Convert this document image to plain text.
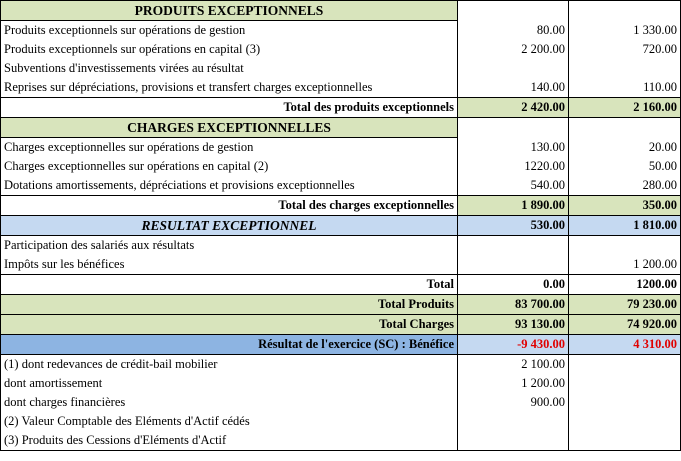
PRODUITS EXCEPTIONNELS		
Produits exceptionnels sur opérations de gestion	80.00	1 330.00
Produits exceptionnels sur opérations en capital (3)	2 200.00	720.00
Subventions d'investissements virées au résultat		
Reprises sur dépréciations, provisions et transfert charges exceptionnelles	140.00	110.00
Total des produits exceptionnels	2 420.00	2 160.00
CHARGES EXCEPTIONNELLES		
Charges exceptionnelles sur opérations de gestion	130.00	20.00
Charges exceptionnelles sur opérations en capital (2)	1220.00	50.00
Dotations amortissements, dépréciations et provisions exceptionnelles	540.00	280.00
Total des charges exceptionnelles	1 890.00	350.00
RESULTAT EXCEPTIONNEL	530.00	1 810.00
Participation des salariés aux résultats		
Impôts sur les bénéfices		1 200.00
Total	0.00	1200.00
Total Produits	83 700.00	79 230.00
Total Charges	93 130.00	74 920.00
Résultat de l'exercice (SC) : Bénéfice	-9 430.00	4 310.00
(1) dont redevances de crédit-bail mobilier	2 100.00	
dont amortissement	1 200.00	
dont charges financières	900.00	
(2) Valeur Comptable des Eléments d'Actif cédés		
(3) Produits des Cessions d'Eléments d'Actif		
